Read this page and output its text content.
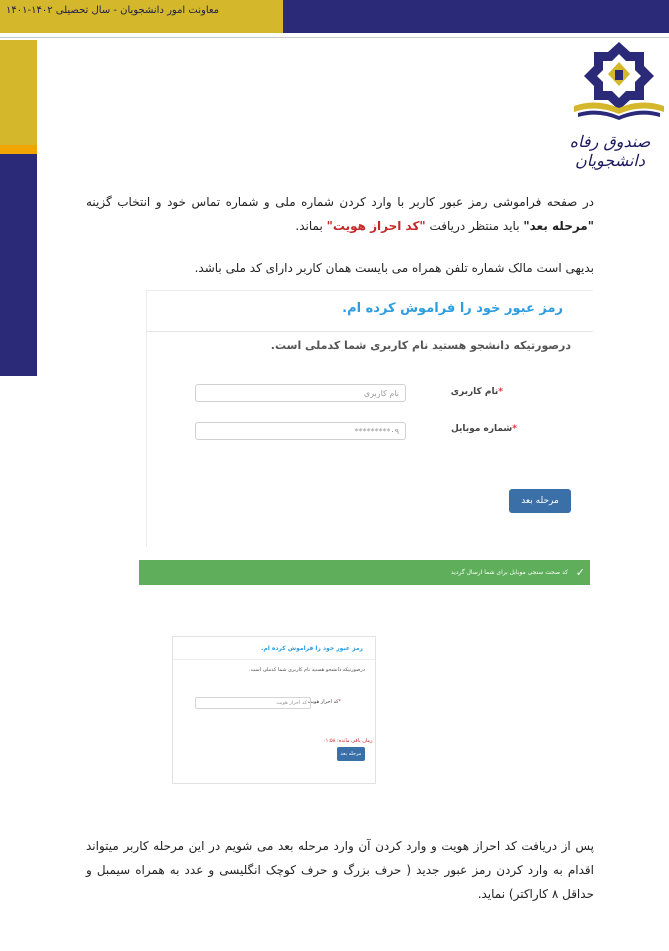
معاونت امور دانشجویان - سال تحصیلی ۱۴۰۲-۱۴۰۱
صندوق رفاه دانشجویان
در صفحه فراموشی رمز عبور کاربر با وارد کردن شماره ملی و شماره تماس خود و انتخاب گزینه "مرحله بعد" باید منتظر دریافت "کد احراز هویت" بماند.
بدیهی است مالک شماره تلفن همراه می بایست همان کاربر دارای کد ملی باشد.
رمز عبور خود را فراموش کرده ام.
درصورتیکه دانشجو هستید نام کاربری شما کدملی است.
*نام کاربری
نام کاربری
*شماره موبایل
۰۹*********
مرحله بعد
✓
کد صحت سنجی موبایل برای شما ارسال گردید
رمز عبور خود را فراموش کرده ام.
درصورتیکه دانشجو هستید نام کاربری شما کدملی است.
*کد احراز هویت
کد احراز هویت
زمان باقی مانده: ۰۱:۵۸
مرحله بعد
پس از دریافت کد احراز هویت و وارد کردن آن وارد مرحله بعد می شویم در این مرحله کاربر میتواند اقدام به وارد کردن رمز عبور جدید ( حرف بزرگ و حرف کوچک انگلیسی و عدد به همراه سیمبل و حداقل ۸ کاراکتر) نماید.
